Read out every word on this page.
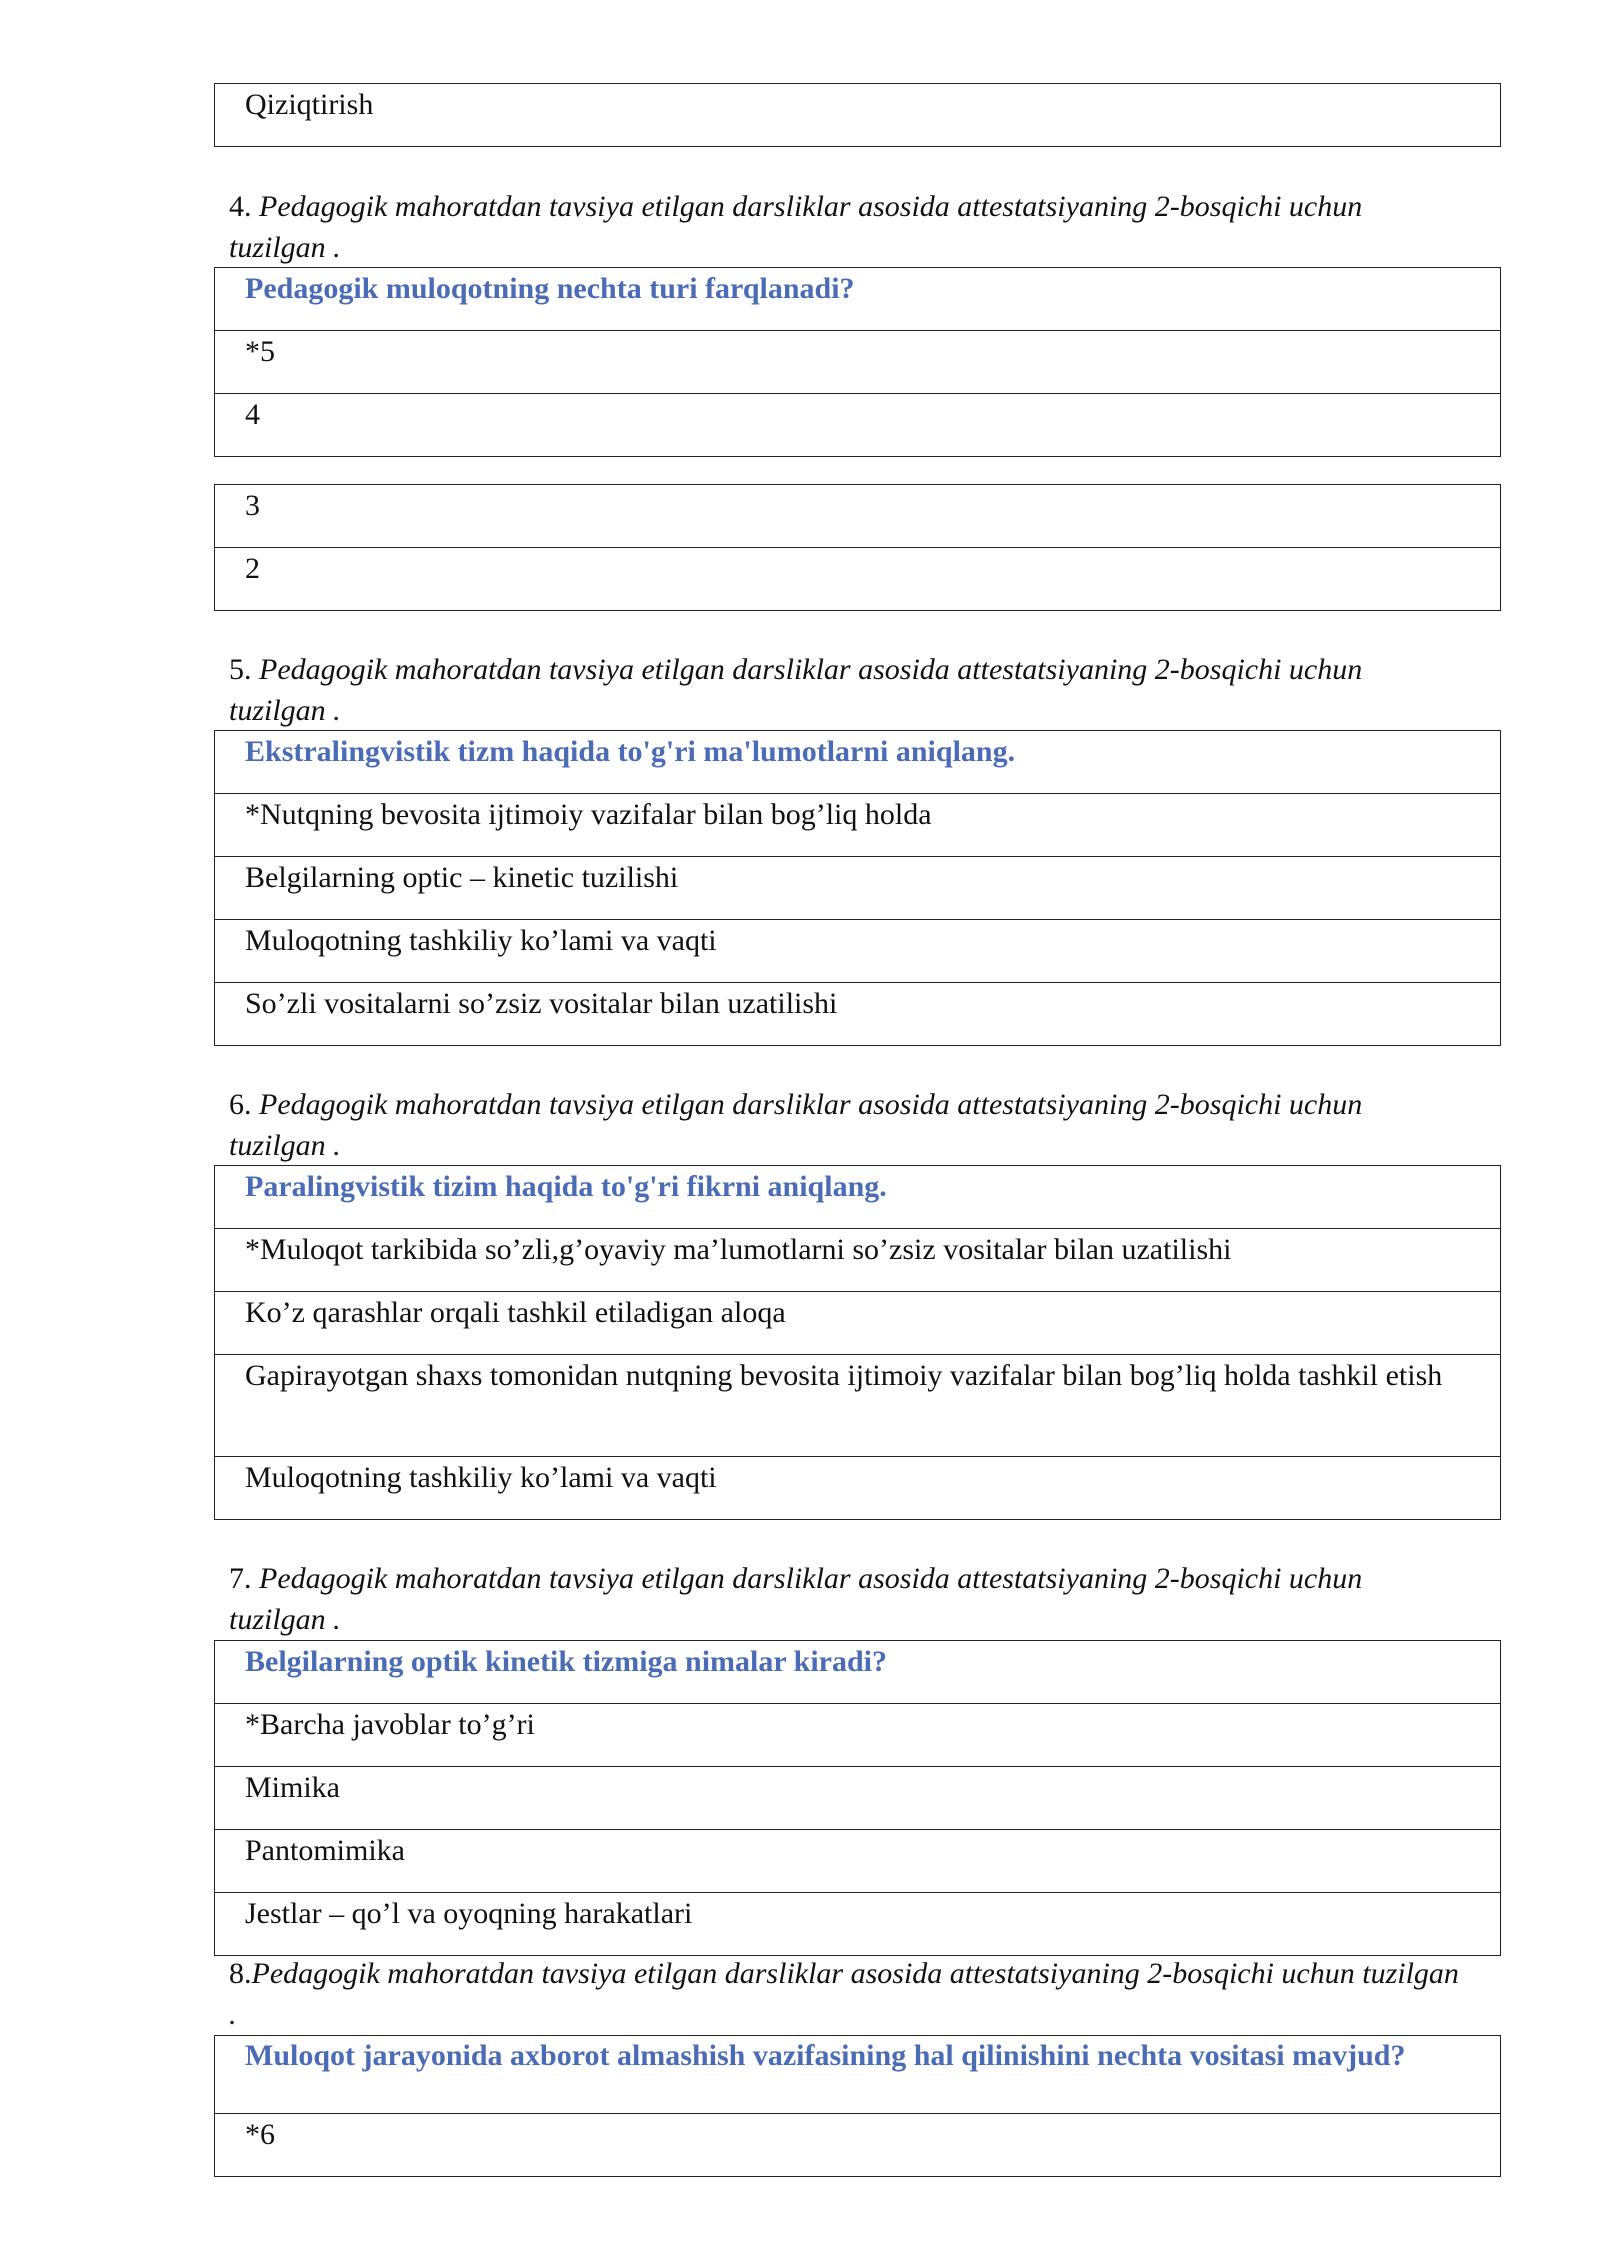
Qiziqtirish
4. Pedagogik mahoratdan tavsiya etilgan darsliklar asosida attestatsiyaning 2-bosqichi uchun tuzilgan .
Pedagogik muloqotning nechta turi farqlanadi?
*5
4
3
2
5. Pedagogik mahoratdan tavsiya etilgan darsliklar asosida attestatsiyaning 2-bosqichi uchun tuzilgan .
Ekstralingvistik tizm haqida to'g'ri ma'lumotlarni aniqlang.
*Nutqning bevosita ijtimoiy vazifalar bilan bog’liq holda
Belgilarning optic – kinetic tuzilishi
Muloqotning tashkiliy ko’lami va vaqti
So’zli vositalarni so’zsiz vositalar bilan uzatilishi
6. Pedagogik mahoratdan tavsiya etilgan darsliklar asosida attestatsiyaning 2-bosqichi uchun tuzilgan .
Paralingvistik tizim haqida to'g'ri fikrni aniqlang.
*Muloqot tarkibida so’zli,g’oyaviy ma’lumotlarni so’zsiz vositalar bilan uzatilishi
Ko’z qarashlar orqali tashkil etiladigan aloqa
Gapirayotgan shaxs tomonidan nutqning bevosita ijtimoiy vazifalar bilan bog’liq holda tashkil etish
Muloqotning tashkiliy ko’lami va vaqti
7. Pedagogik mahoratdan tavsiya etilgan darsliklar asosida attestatsiyaning 2-bosqichi uchun tuzilgan .
Belgilarning optik kinetik tizmiga nimalar kiradi?
*Barcha javoblar to’g’ri
Mimika
Pantomimika
Jestlar – qo’l va oyoqning harakatlari
8.Pedagogik mahoratdan tavsiya etilgan darsliklar asosida attestatsiyaning 2-bosqichi uchun tuzilgan .
Muloqot jarayonida axborot almashish vazifasining hal qilinishini nechta vositasi mavjud?
*6
